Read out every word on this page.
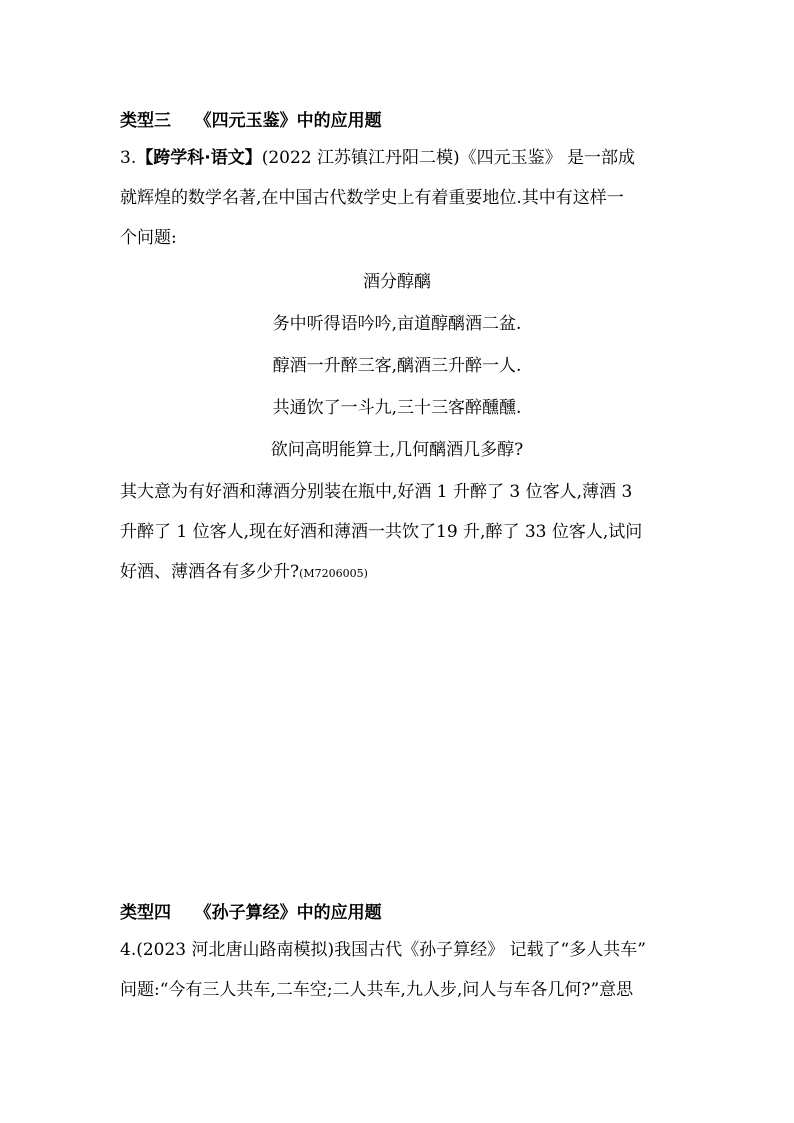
类型三    《四元玉鉴》中的应用题
3.【跨学科·语文】(2022 江苏镇江丹阳二模)《四元玉鉴》 是一部成
就辉煌的数学名著,在中国古代数学史上有着重要地位.其中有这样一
个问题:
酒分醇醨
务中听得语吟吟,亩道醇醨酒二盆.
醇酒一升醉三客,醨酒三升醉一人.
共通饮了一斗九,三十三客醉醺醺.
欲问高明能算士,几何醨酒几多醇?
其大意为有好酒和薄酒分别装在瓶中,好酒 1 升醉了 3 位客人,薄酒 3
升醉了 1 位客人,现在好酒和薄酒一共饮了19 升,醉了 33 位客人,试问
好酒、薄酒各有多少升?(M7206005)
类型四    《孙子算经》中的应用题
4.(2023 河北唐山路南模拟)我国古代《孙子算经》 记载了“多人共车”
问题:“今有三人共车,二车空;二人共车,九人步,问人与车各几何?”意思
